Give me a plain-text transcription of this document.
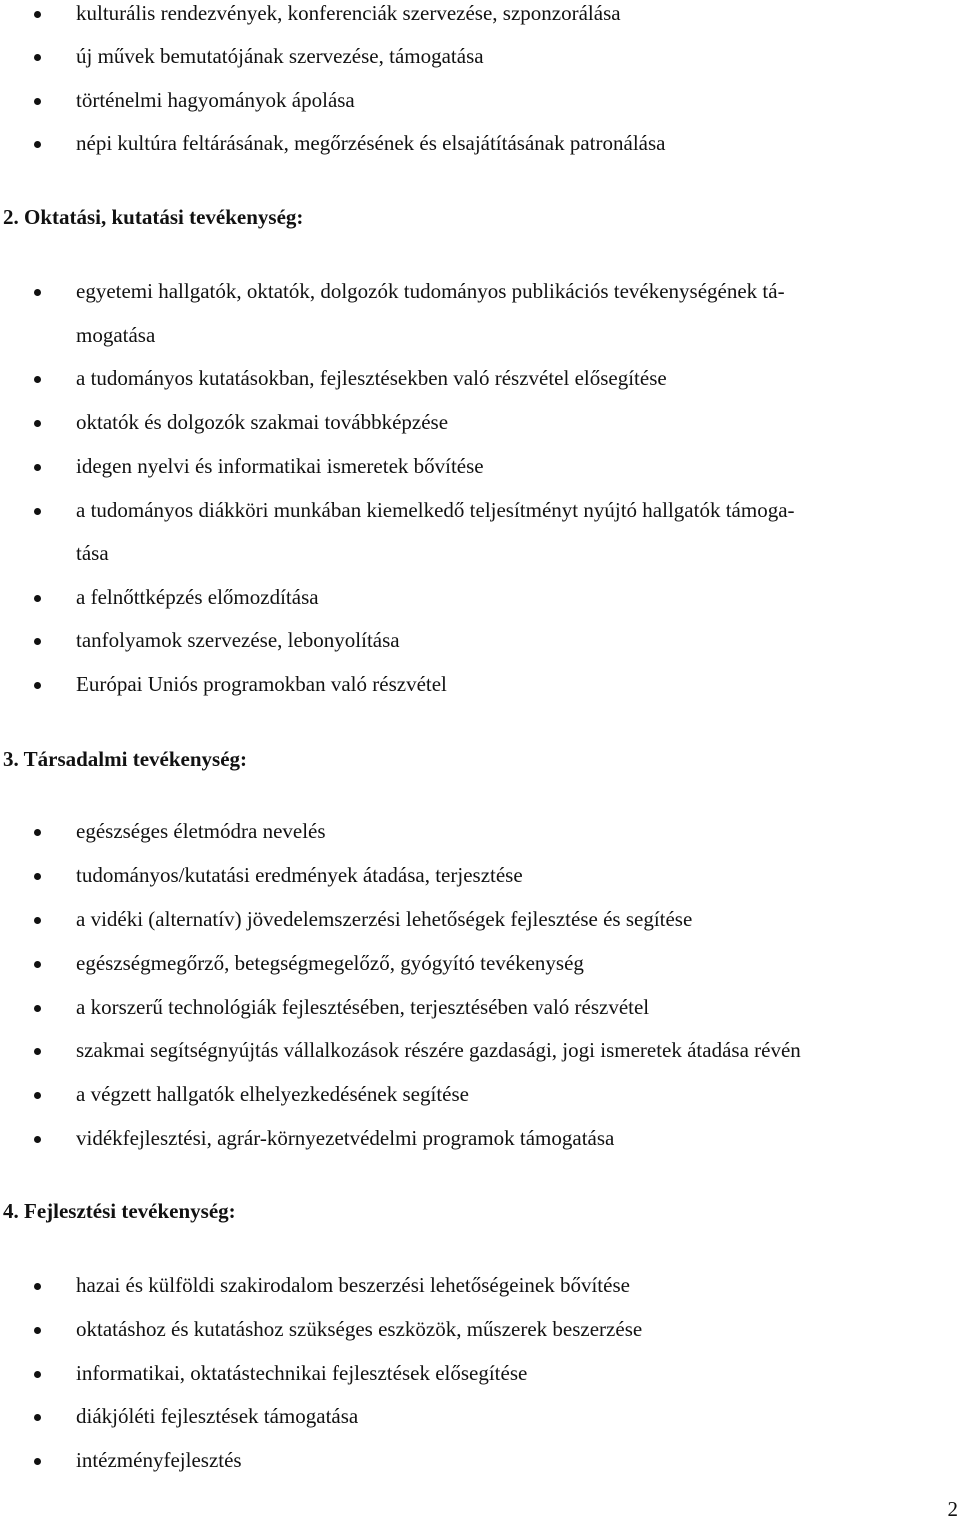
kulturális rendezvények, konferenciák szervezése, szponzorálása
új művek bemutatójának szervezése, támogatása
történelmi hagyományok ápolása
népi kultúra feltárásának, megőrzésének és elsajátításának patronálása
2. Oktatási, kutatási tevékenység:
egyetemi hallgatók, oktatók, dolgozók tudományos publikációs tevékenységének tá-
mogatása
a tudományos kutatásokban, fejlesztésekben való részvétel elősegítése
oktatók és dolgozók szakmai továbbképzése
idegen nyelvi és informatikai ismeretek bővítése
a tudományos diákköri munkában kiemelkedő teljesítményt nyújtó hallgatók támoga-
tása
a felnőttképzés előmozdítása
tanfolyamok szervezése, lebonyolítása
Európai Uniós programokban való részvétel
3. Társadalmi tevékenység:
egészséges életmódra nevelés
tudományos/kutatási eredmények átadása, terjesztése
a vidéki (alternatív) jövedelemszerzési lehetőségek fejlesztése és segítése
egészségmegőrző, betegségmegelőző, gyógyító tevékenység
a korszerű technológiák fejlesztésében, terjesztésében való részvétel
szakmai segítségnyújtás vállalkozások részére gazdasági, jogi ismeretek átadása révén
a végzett hallgatók elhelyezkedésének segítése
vidékfejlesztési, agrár-környezetvédelmi programok támogatása
4. Fejlesztési tevékenység:
hazai és külföldi szakirodalom beszerzési lehetőségeinek bővítése
oktatáshoz és kutatáshoz szükséges eszközök, műszerek beszerzése
informatikai, oktatástechnikai fejlesztések elősegítése
diákjóléti fejlesztések támogatása
intézményfejlesztés
2
